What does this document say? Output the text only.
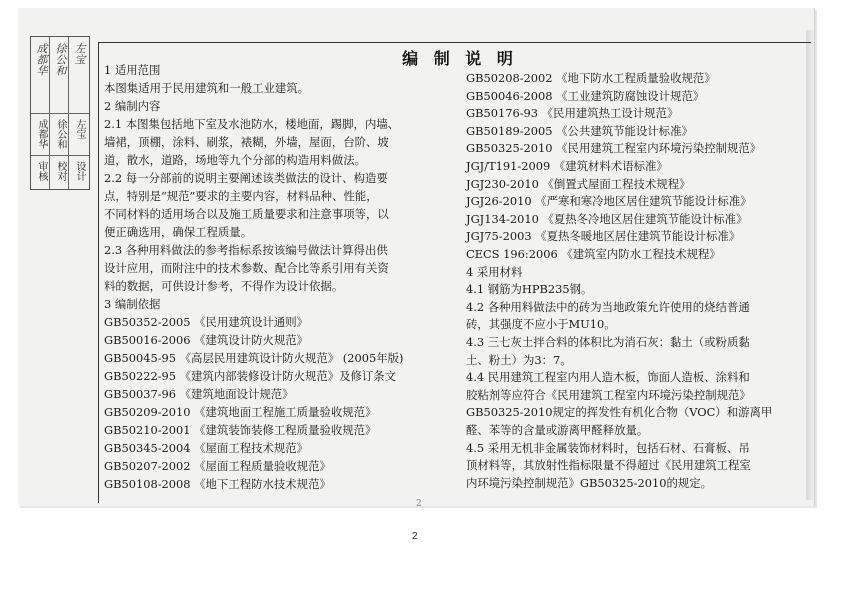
审核 校对 设计
成都华 徐公和 左宝
成都华 徐公和 左宝	编 制 说 明
1 适用范围
本图集适用于民用建筑和一般工业建筑。
2 编制内容
2.1 本图集包括地下室及水池防水，楼地面，踢脚，内墙、
墙裙，顶棚，涂料、刷浆，裱糊，外墙，屋面，台阶、坡
道，散水，道路，场地等九个分部的构造用料做法。
2.2 每一分部前的说明主要阐述该类做法的设计、构造要
点，特别是“规范”要求的主要内容，材料品种、性能，
不同材料的适用场合以及施工质量要求和注意事项等，以
便正确选用，确保工程质量。
2.3 各种用料做法的参考指标系按该编号做法计算得出供
设计应用，而附注中的技术参数、配合比等系引用有关资
料的数据，可供设计参考，不得作为设计依据。
3 编制依据
GB50352-2005 《民用建筑设计通则》
GB50016-2006 《建筑设计防火规范》
GB50045-95 《高层民用建筑设计防火规范》 (2005年版)
GB50222-95 《建筑内部装修设计防火规范》及修订条文
GB50037-96 《建筑地面设计规范》
GB50209-2010 《建筑地面工程施工质量验收规范》
GB50210-2001 《建筑装饰装修工程质量验收规范》
GB50345-2004 《屋面工程技术规范》
GB50207-2002 《屋面工程质量验收规范》
GB50108-2008 《地下工程防水技术规范》
GB50208-2002 《地下防水工程质量验收规范》
GB50046-2008 《工业建筑防腐蚀设计规范》
GB50176-93 《民用建筑热工设计规范》
GB50189-2005 《公共建筑节能设计标准》
GB50325-2010 《民用建筑工程室内环境污染控制规范》
JGJ/T191-2009 《建筑材料术语标准》
JGJ230-2010 《倒置式屋面工程技术规程》
JGJ26-2010 《严寒和寒冷地区居住建筑节能设计标准》
JGJ134-2010 《夏热冬冷地区居住建筑节能设计标准》
JGJ75-2003 《夏热冬暖地区居住建筑节能设计标准》
CECS 196:2006 《建筑室内防水工程技术规程》
4 采用材料
4.1 钢筋为HPB235钢。
4.2 各种用料做法中的砖为当地政策允许使用的烧结普通
砖，其强度不应小于MU10。
4.3 三七灰土拌合料的体积比为消石灰：黏土（或粉质黏
土、粉土）为3：7。
4.4 民用建筑工程室内用人造木板，饰面人造板、涂料和
胶粘剂等应符合《民用建筑工程室内环境污染控制规范》
GB50325-2010规定的挥发性有机化合物（VOC）和游离甲
醛、苯等的含量或游离甲醛释放量。
4.5 采用无机非金属装饰材料时，包括石材、石膏板、吊
顶材料等，其放射性指标限量不得超过《民用建筑工程室
内环境污染控制规范》GB50325-2010的规定。
2
2
